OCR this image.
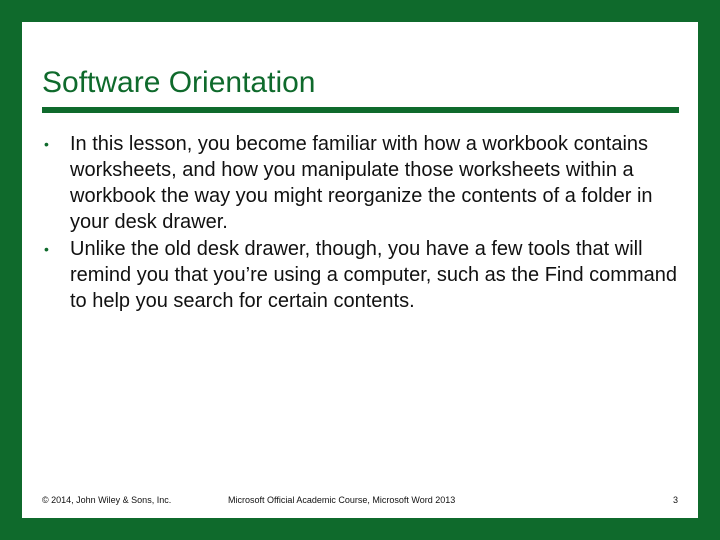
Software Orientation
• In this lesson, you become familiar with how a workbook contains worksheets, and how you manipulate those worksheets within a workbook the way you might reorganize the contents of a folder in your desk drawer.
• Unlike the old desk drawer, though, you have a few tools that will remind you that you’re using a computer, such as the Find command to help you search for certain contents.
© 2014, John Wiley & Sons, Inc.	Microsoft Official Academic Course, Microsoft Word 2013	3
